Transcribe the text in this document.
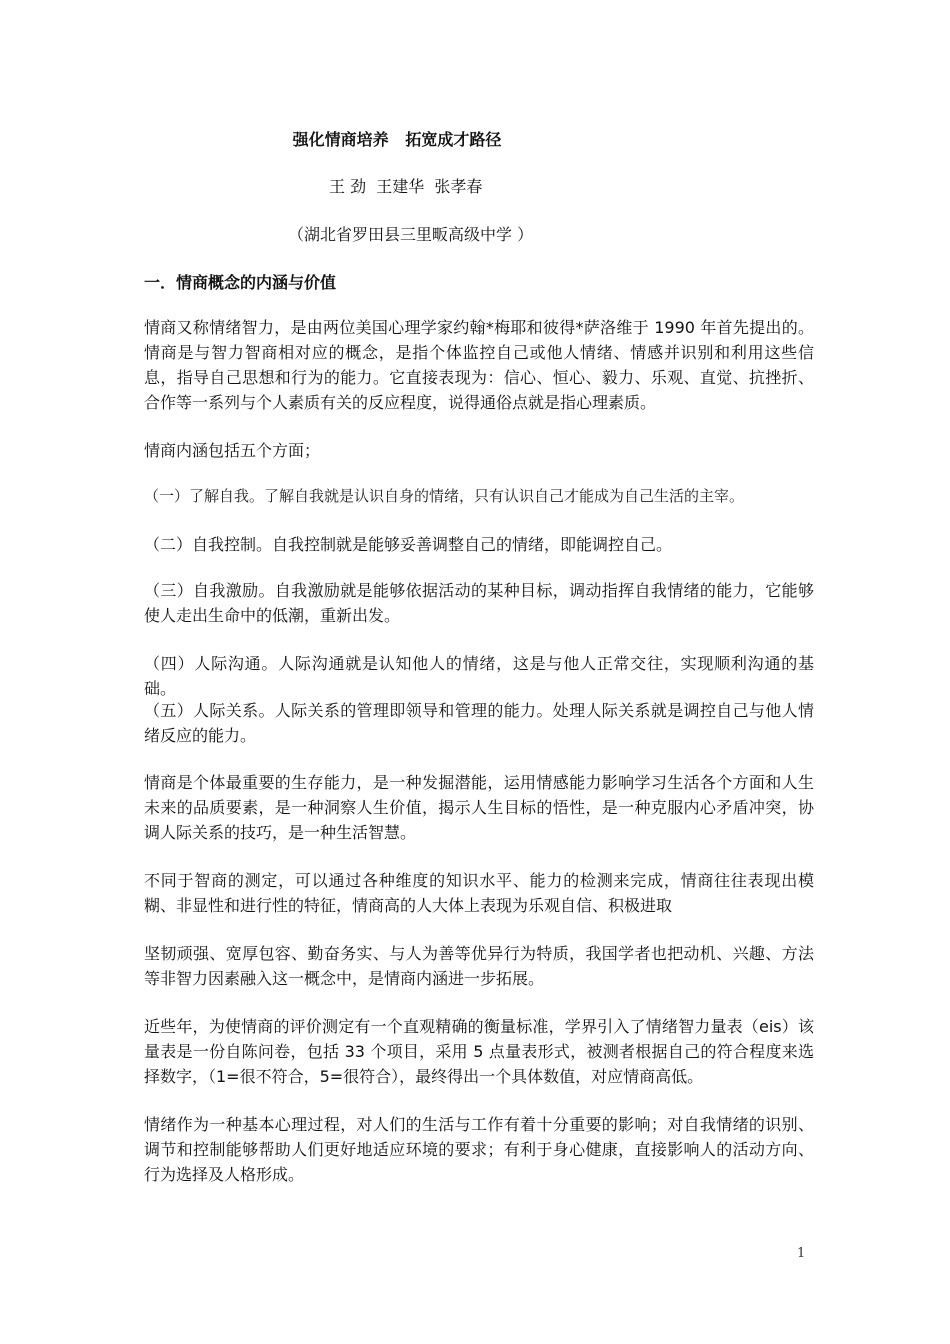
强化情商培养   拓宽成才路径
王 劲  王建华  张孝春
（湖北省罗田县三里畈高级中学 ）
一．情商概念的内涵与价值
情商又称情绪智力，是由两位美国心理学家约翰*梅耶和彼得*萨洛维于 1990 年首先提出的。情商是与智力智商相对应的概念，是指个体监控自己或他人情绪、情感并识别和利用这些信息，指导自己思想和行为的能力。它直接表现为：信心、恒心、毅力、乐观、直觉、抗挫折、合作等一系列与个人素质有关的反应程度，说得通俗点就是指心理素质。
情商内涵包括五个方面；
（一）了解自我。了解自我就是认识自身的情绪，只有认识自己才能成为自己生活的主宰。
（二）自我控制。自我控制就是能够妥善调整自己的情绪，即能调控自己。
（三）自我激励。自我激励就是能够依据活动的某种目标，调动指挥自我情绪的能力，它能够使人走出生命中的低潮，重新出发。
（四）人际沟通。人际沟通就是认知他人的情绪，这是与他人正常交往，实现顺利沟通的基础。
（五）人际关系。人际关系的管理即领导和管理的能力。处理人际关系就是调控自己与他人情绪反应的能力。
情商是个体最重要的生存能力，是一种发掘潜能，运用情感能力影响学习生活各个方面和人生未来的品质要素，是一种洞察人生价值，揭示人生目标的悟性，是一种克服内心矛盾冲突，协调人际关系的技巧，是一种生活智慧。
不同于智商的测定，可以通过各种维度的知识水平、能力的检测来完成，情商往往表现出模糊、非显性和进行性的特征，情商高的人大体上表现为乐观自信、积极进取
坚韧顽强、宽厚包容、勤奋务实、与人为善等优异行为特质，我国学者也把动机、兴趣、方法等非智力因素融入这一概念中，是情商内涵进一步拓展。
近些年，为使情商的评价测定有一个直观精确的衡量标准，学界引入了情绪智力量表（eis）该量表是一份自陈问卷，包括 33 个项目，采用 5 点量表形式，被测者根据自己的符合程度来选择数字，（1=很不符合，5=很符合），最终得出一个具体数值，对应情商高低。
情绪作为一种基本心理过程，对人们的生活与工作有着十分重要的影响；对自我情绪的识别、调节和控制能够帮助人们更好地适应环境的要求；有利于身心健康，直接影响人的活动方向、行为选择及人格形成。
1
